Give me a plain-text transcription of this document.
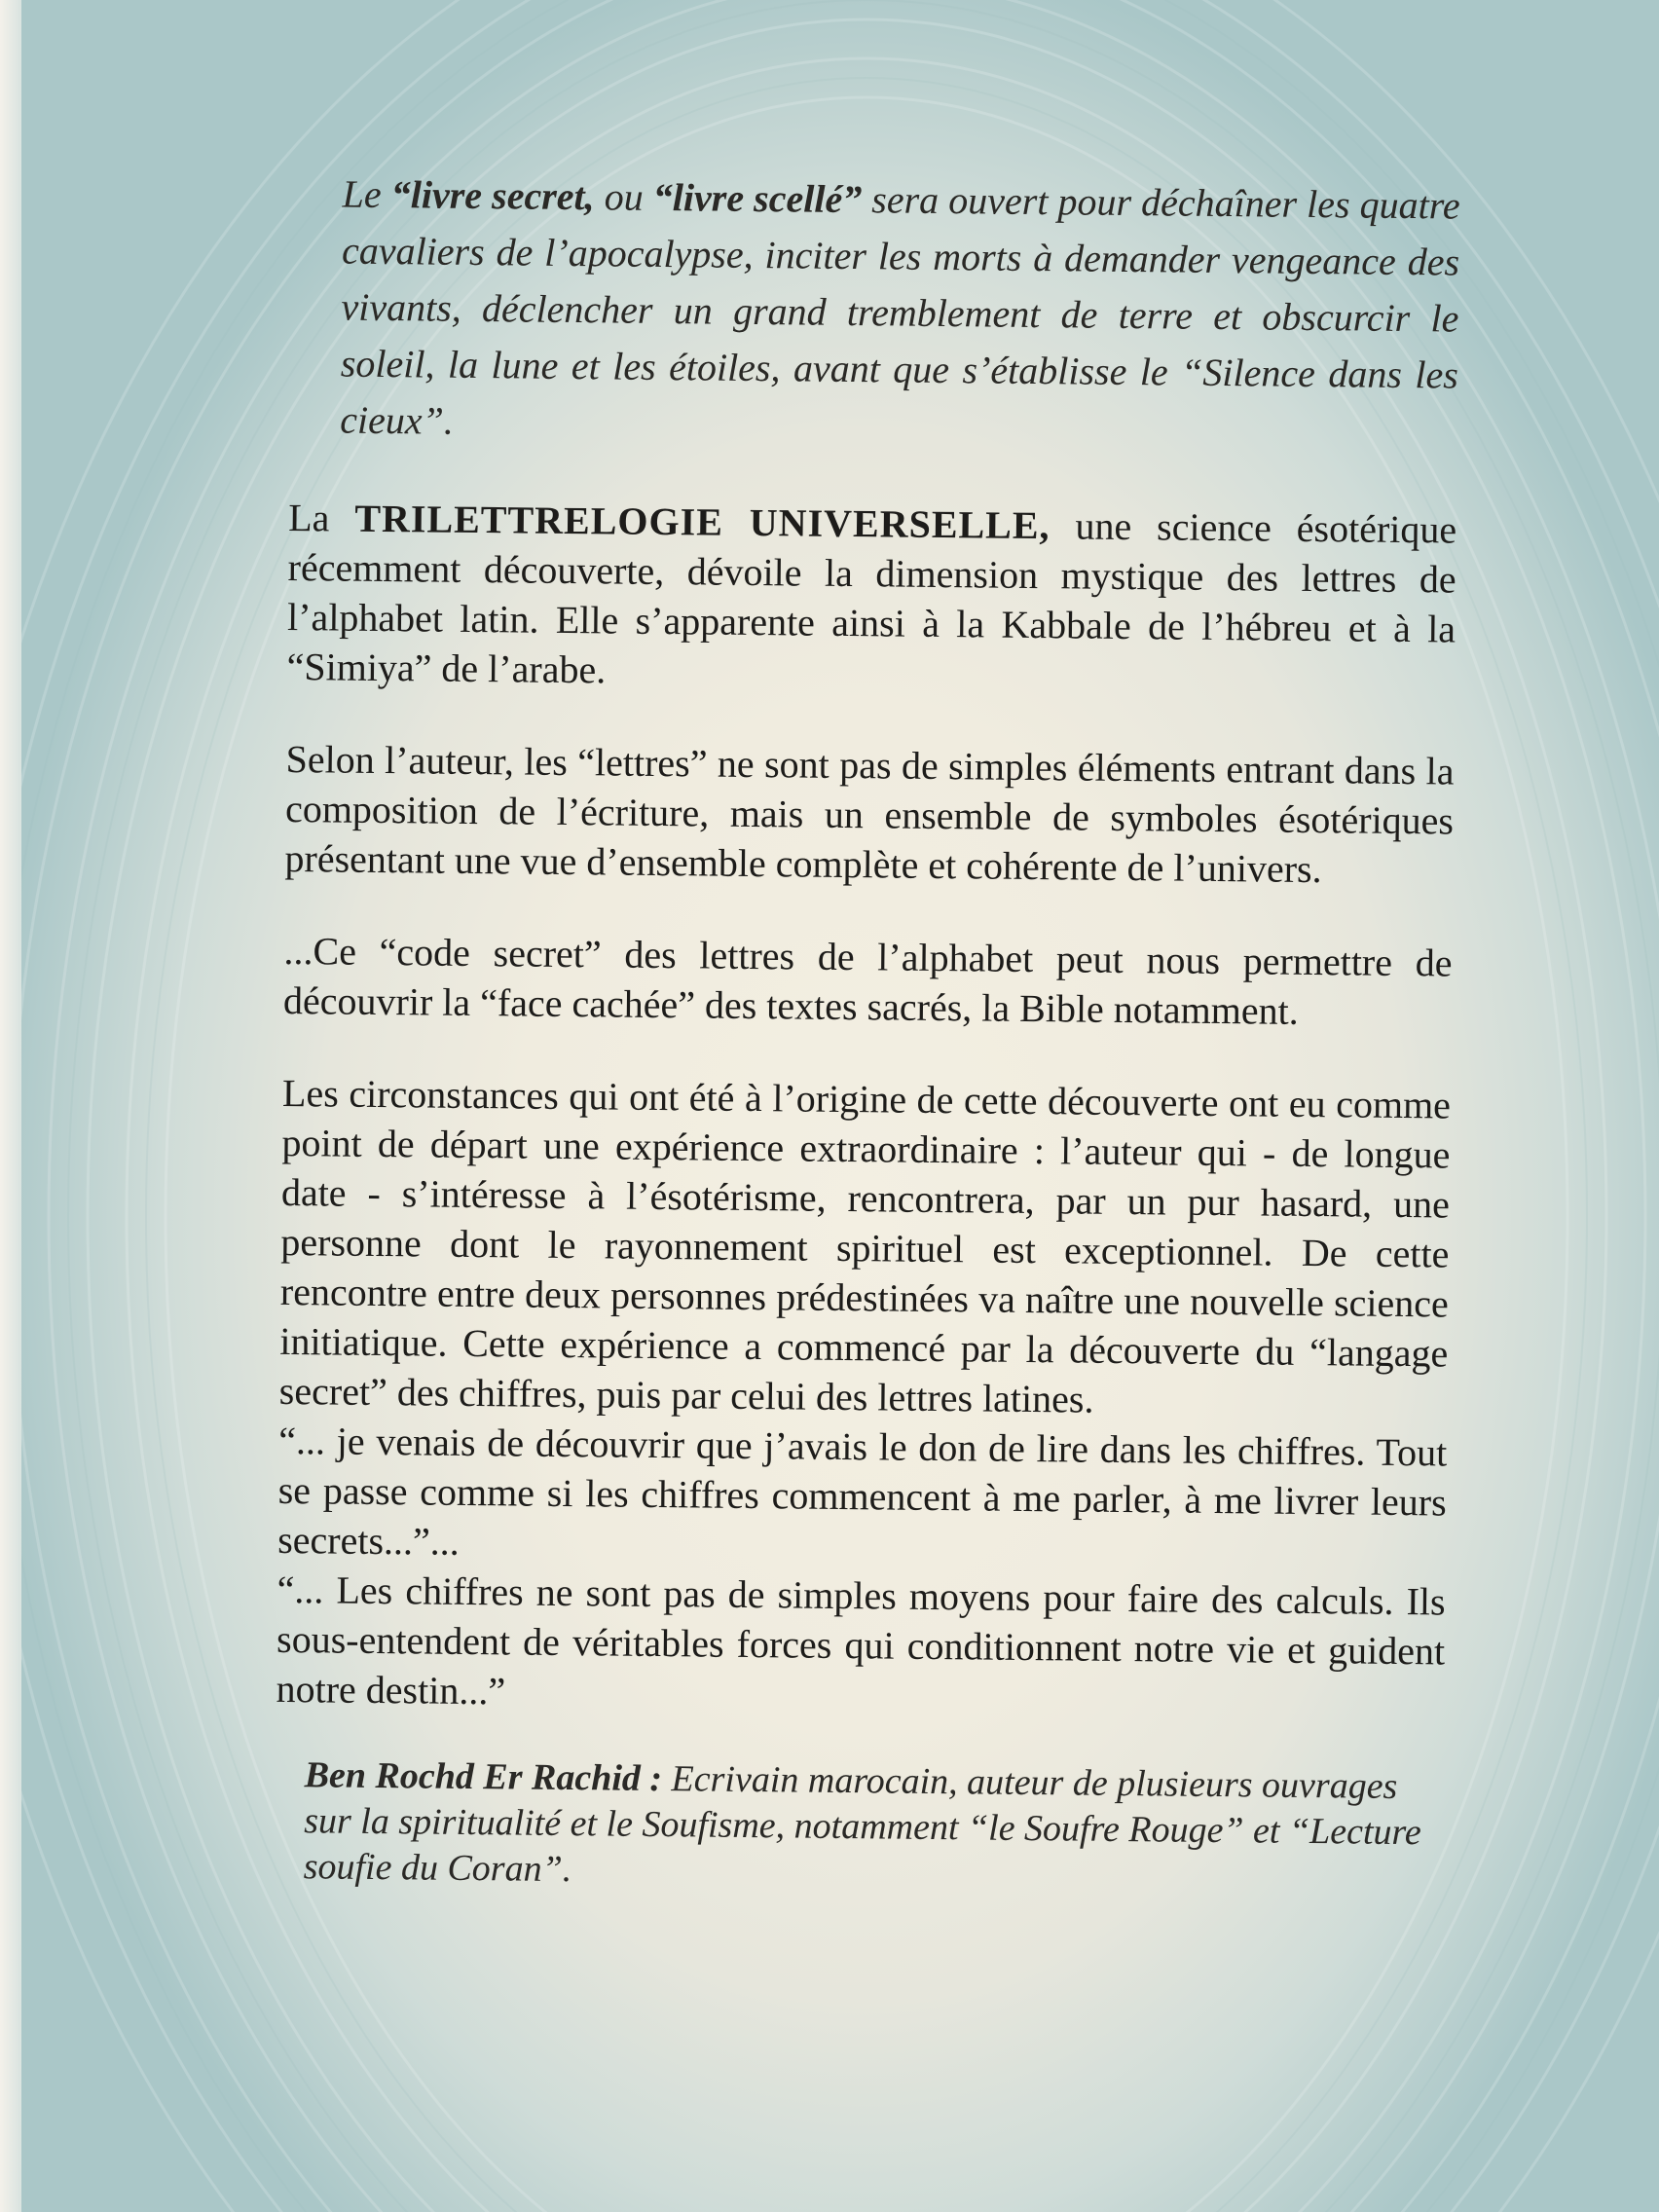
Le “livre secret, ou “livre scellé” sera ouvert pour déchaîner les quatre cavaliers de l’apocalypse, inciter les morts à demander vengeance des vivants, déclencher un grand tremblement de terre et obscurcir le soleil, la lune et les étoiles, avant que s’établisse le “Silence dans les cieux”.

La TRILETTRELOGIE UNIVERSELLE, une science ésotérique récemment découverte, dévoile la dimension mystique des lettres de l’alphabet latin. Elle s’apparente ainsi à la Kabbale de l’hébreu et à la “Simiya” de l’arabe.

Selon l’auteur, les “lettres” ne sont pas de simples éléments entrant dans la composition de l’écriture, mais un ensemble de symboles ésotériques présentant une vue d’ensemble complète et cohérente de l’univers.

...Ce “code secret” des lettres de l’alphabet peut nous permettre de découvrir la “face cachée” des textes sacrés, la Bible notamment.

Les circonstances qui ont été à l’origine de cette découverte ont eu comme point de départ une expérience extraordinaire : l’auteur qui - de longue date - s’intéresse à l’ésotérisme, rencontrera, par un pur hasard, une personne dont le rayonnement spirituel est exceptionnel. De cette rencontre entre deux personnes prédestinées va naître une nouvelle science initiatique. Cette expérience a commencé par la découverte du “langage secret” des chiffres, puis par celui des lettres latines.

“... je venais de découvrir que j’avais le don de lire dans les chiffres. Tout se passe comme si les chiffres commencent à me parler, à me livrer leurs secrets...”...

“... Les chiffres ne sont pas de simples moyens pour faire des calculs. Ils sous-entendent de véritables forces qui conditionnent notre vie et guident notre destin...”

Ben Rochd Er Rachid : Ecrivain marocain, auteur de plusieurs ouvrages sur la spiritualité et le Soufisme, notamment “le Soufre Rouge” et “Lecture soufie du Coran”.
